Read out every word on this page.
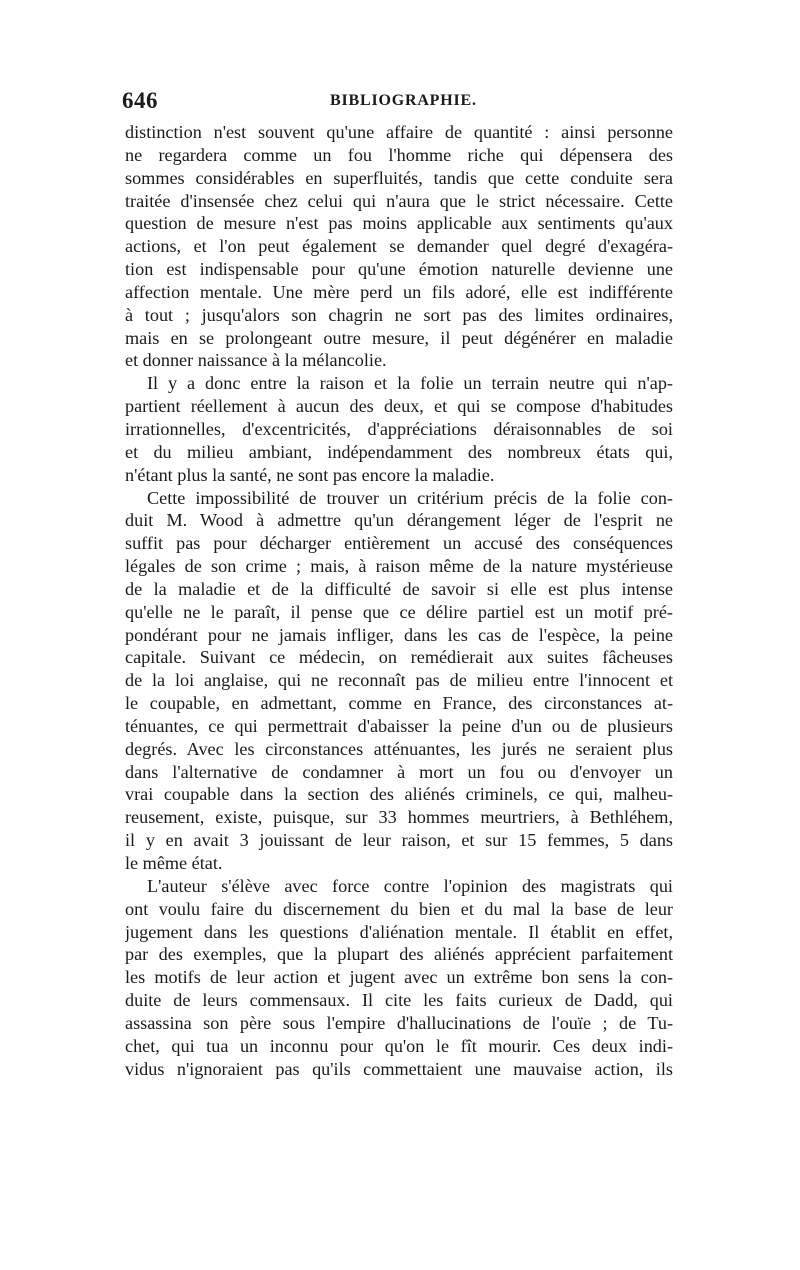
646	BIBLIOGRAPHIE.
distinction n'est souvent qu'une affaire de quantité : ainsi personne
ne regardera comme un fou l'homme riche qui dépensera des
sommes considérables en superfluités, tandis que cette conduite sera
traitée d'insensée chez celui qui n'aura que le strict nécessaire. Cette
question de mesure n'est pas moins applicable aux sentiments qu'aux
actions, et l'on peut également se demander quel degré d'exagéra-
tion est indispensable pour qu'une émotion naturelle devienne une
affection mentale. Une mère perd un fils adoré, elle est indifférente
à tout ; jusqu'alors son chagrin ne sort pas des limites ordinaires,
mais en se prolongeant outre mesure, il peut dégénérer en maladie
et donner naissance à la mélancolie.
Il y a donc entre la raison et la folie un terrain neutre qui n'ap-
partient réellement à aucun des deux, et qui se compose d'habitudes
irrationnelles, d'excentricités, d'appréciations déraisonnables de soi
et du milieu ambiant, indépendamment des nombreux états qui,
n'étant plus la santé, ne sont pas encore la maladie.
Cette impossibilité de trouver un critérium précis de la folie con-
duit M. Wood à admettre qu'un dérangement léger de l'esprit ne
suffit pas pour décharger entièrement un accusé des conséquences
légales de son crime ; mais, à raison même de la nature mystérieuse
de la maladie et de la difficulté de savoir si elle est plus intense
qu'elle ne le paraît, il pense que ce délire partiel est un motif pré-
pondérant pour ne jamais infliger, dans les cas de l'espèce, la peine
capitale. Suivant ce médecin, on remédierait aux suites fâcheuses
de la loi anglaise, qui ne reconnaît pas de milieu entre l'innocent et
le coupable, en admettant, comme en France, des circonstances at-
ténuantes, ce qui permettrait d'abaisser la peine d'un ou de plusieurs
degrés. Avec les circonstances atténuantes, les jurés ne seraient plus
dans l'alternative de condamner à mort un fou ou d'envoyer un
vrai coupable dans la section des aliénés criminels, ce qui, malheu-
reusement, existe, puisque, sur 33 hommes meurtriers, à Bethléhem,
il y en avait 3 jouissant de leur raison, et sur 15 femmes, 5 dans
le même état.
L'auteur s'élève avec force contre l'opinion des magistrats qui
ont voulu faire du discernement du bien et du mal la base de leur
jugement dans les questions d'aliénation mentale. Il établit en effet,
par des exemples, que la plupart des aliénés apprécient parfaitement
les motifs de leur action et jugent avec un extrême bon sens la con-
duite de leurs commensaux. Il cite les faits curieux de Dadd, qui
assassina son père sous l'empire d'hallucinations de l'ouïe ; de Tu-
chet, qui tua un inconnu pour qu'on le fît mourir. Ces deux indi-
vidus n'ignoraient pas qu'ils commettaient une mauvaise action, ils
